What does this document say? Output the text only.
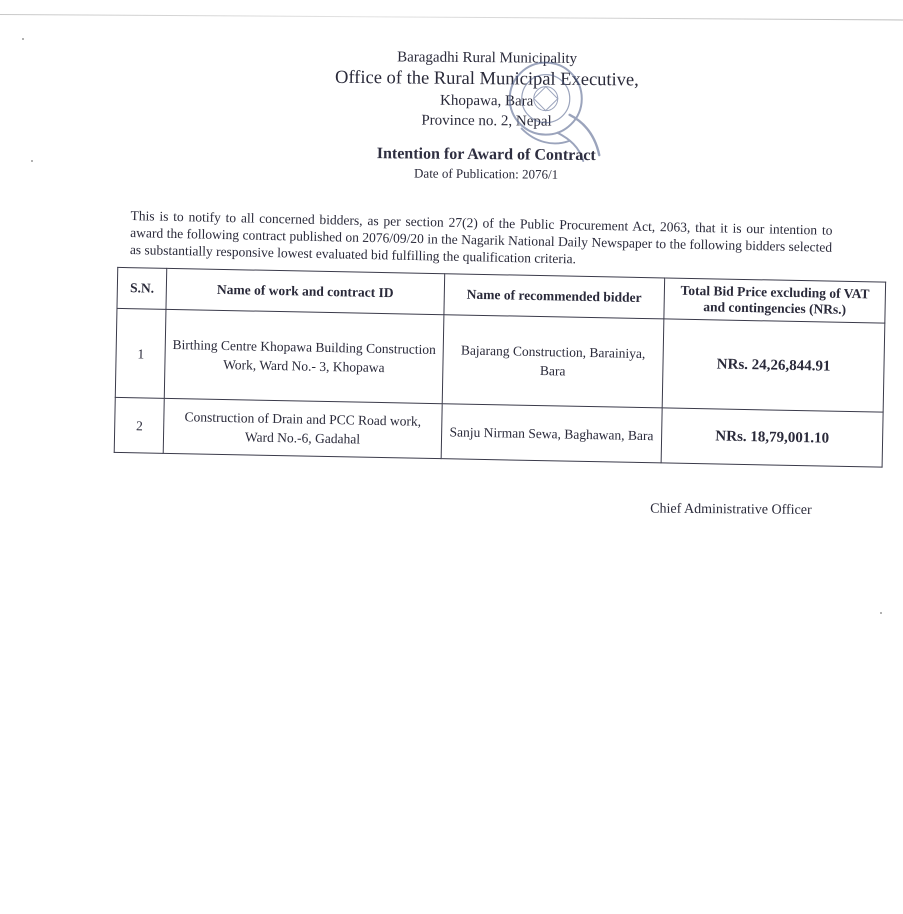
Baragadhi Rural Municipality
Office of the Rural Municipal Executive,
Khopawa, Bara
Province no. 2, Nepal
Intention for Award of Contract
Date of Publication: 2076/1

This is to notify to all concerned bidders, as per section 27(2) of the Public Procurement Act, 2063, that it is our intention to award the following contract published on 2076/09/20 in the Nagarik National Daily Newspaper to the following bidders selected as substantially responsive lowest evaluated bid fulfilling the qualification criteria.

S.N.	Name of work and contract ID	Name of recommended bidder	Total Bid Price excluding of VAT and contingencies (NRs.)
1	Birthing Centre Khopawa Building Construction Work, Ward No.- 3, Khopawa	Bajarang Construction, Barainiya, Bara	NRs. 24,26,844.91
2	Construction of Drain and PCC Road work, Ward No.-6, Gadahal	Sanju Nirman Sewa, Baghawan, Bara	NRs. 18,79,001.10
Chief Administrative Officer
